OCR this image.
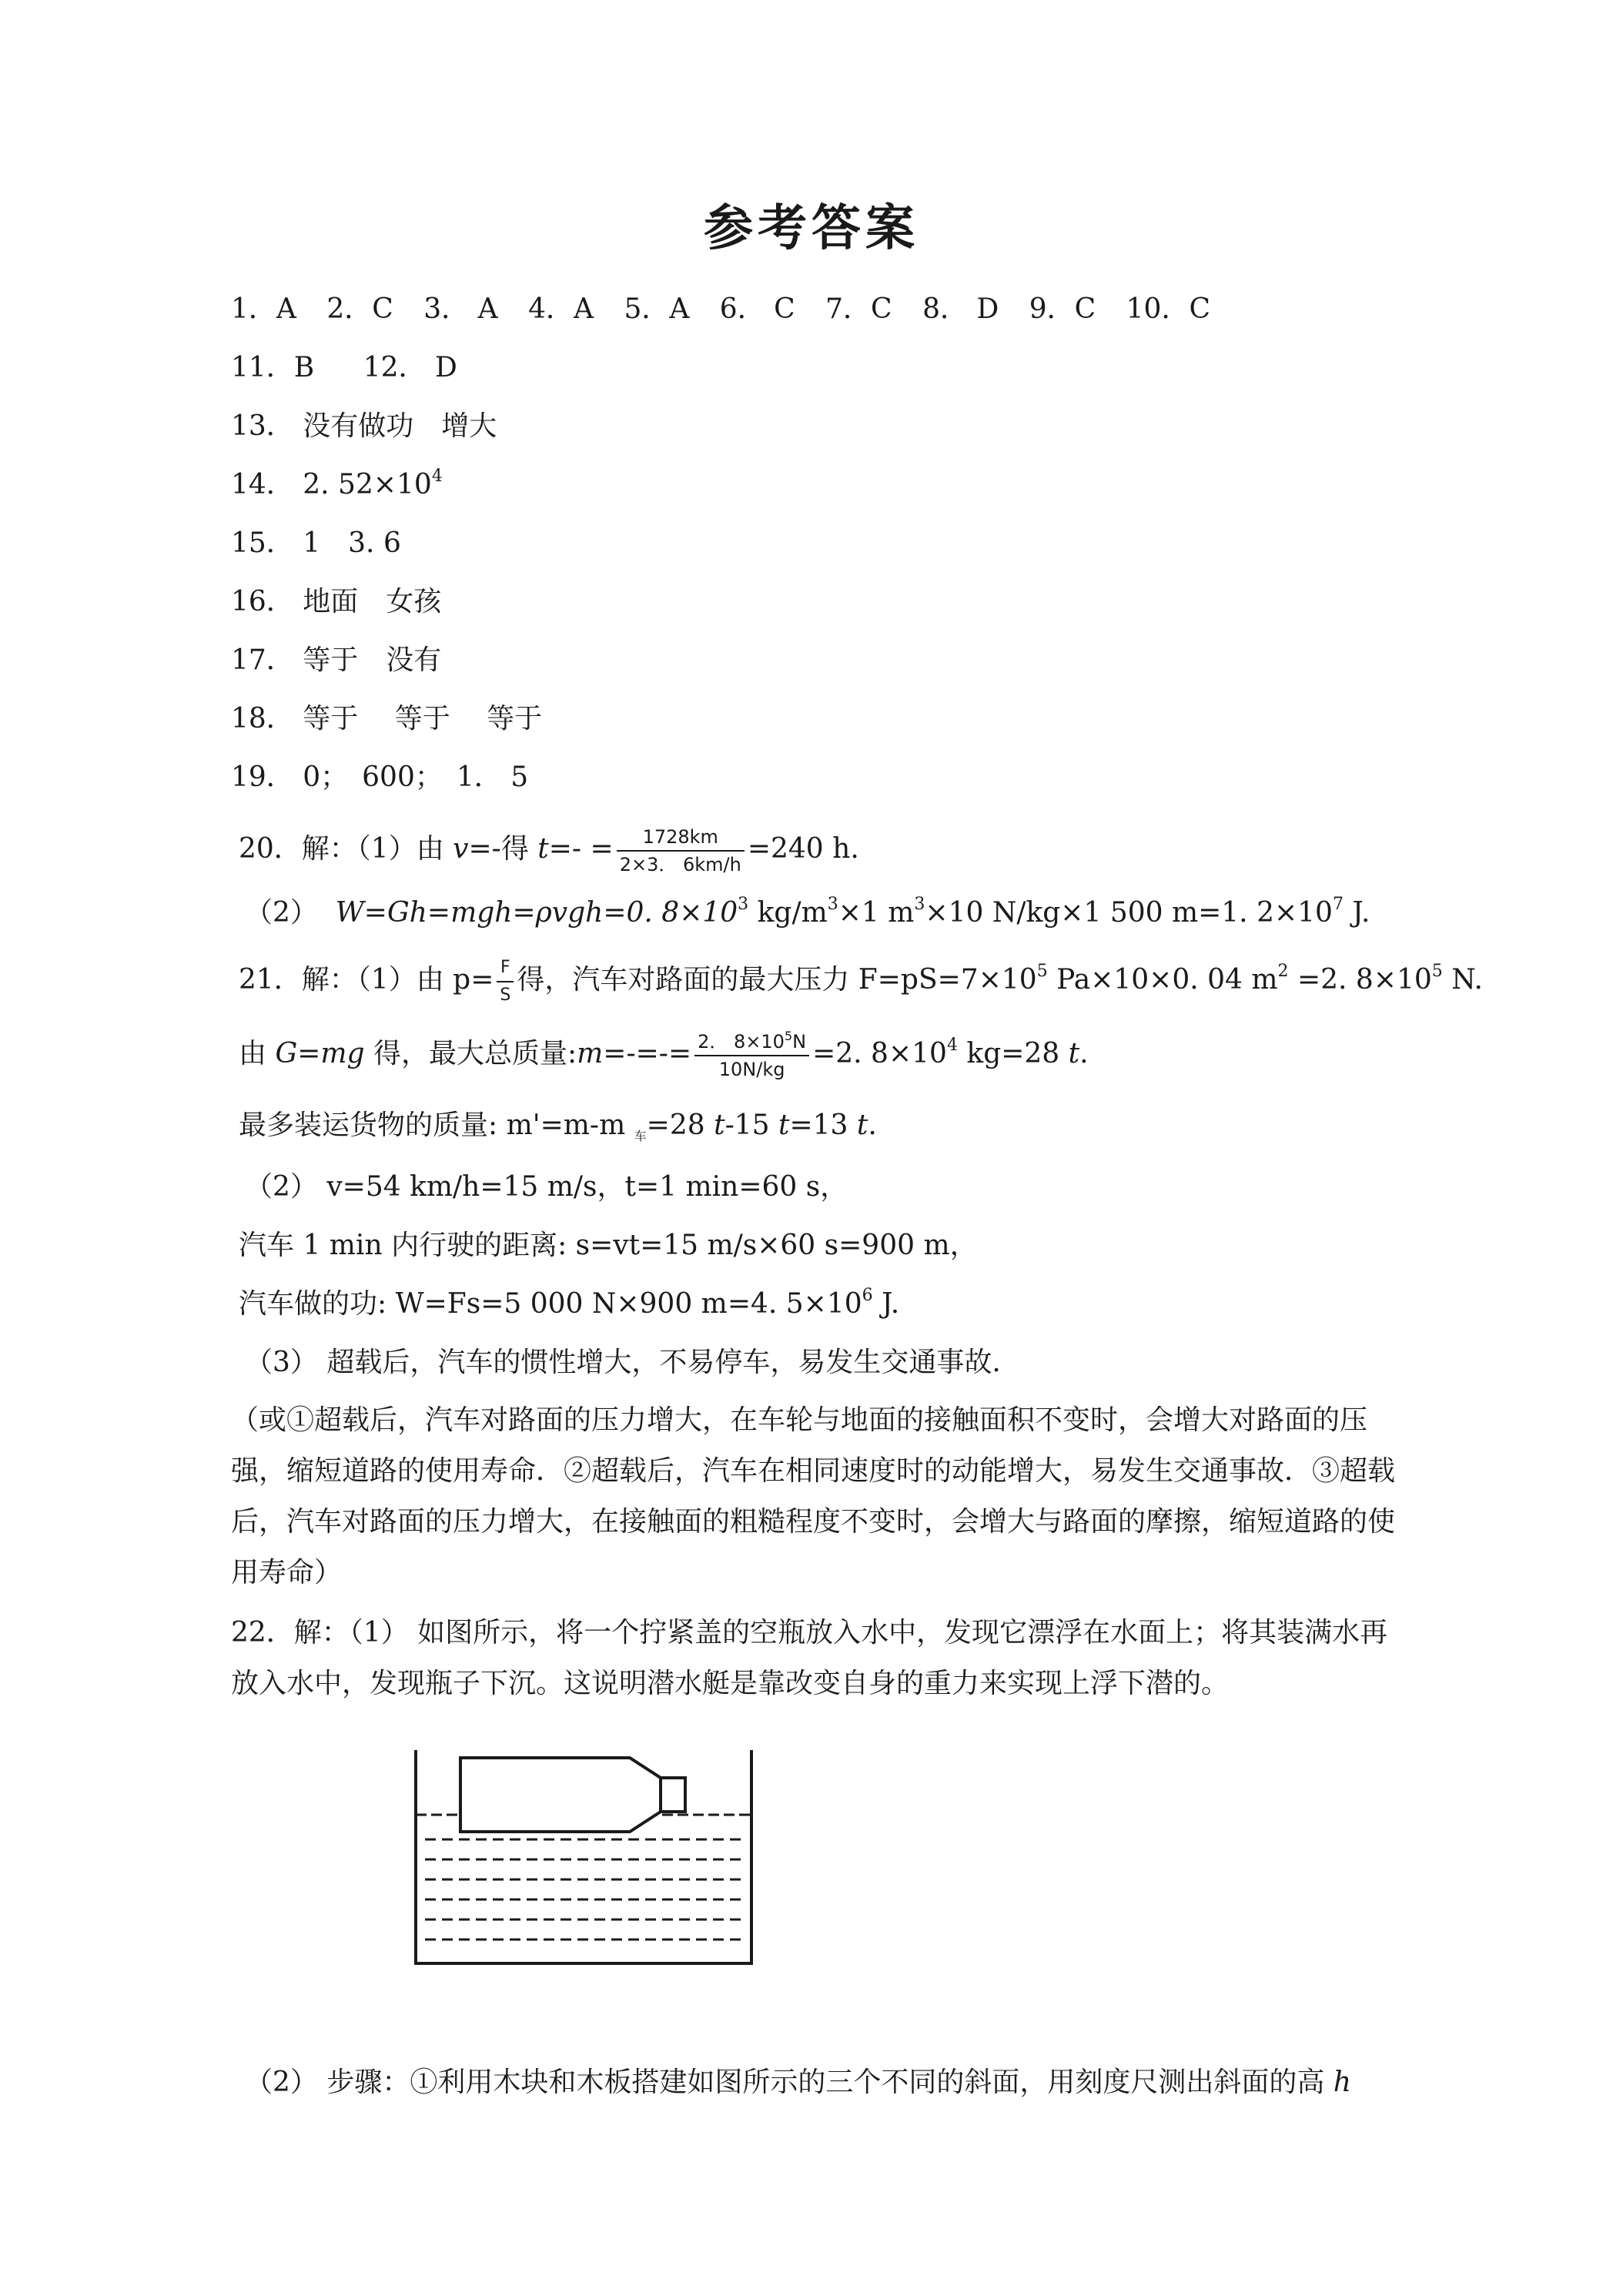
参考答案
1．A 2．C 3． A 4．A 5．A 6． C 7．C 8． D 9．C 10．C
11．B 12． D
13． 没有做功　增大
14． 2. $52\times 10^4$
15． 1　3. 6
16． 地面　女孩
17． 等于　没有
18． 等于　 等于　 等于
19． 0；　600；　1． 5
20．解：（1）由 v=-得 $t=- = \frac{1728km}{2\times 3. 6km/h} =240$ h.
（2） W=Gh=mgh=ρvgh=0. $8\times 10^3$ $kg/m^3\times 1$ $m^3\times 10$ N/kg×1 500 m=1. $2\times 10^7$ J.
21．解：（1）由 $p= \frac{F}{S}$ 得，汽车对路面的最大压力 $F=pS=7\times 10^5$ Pa×10×0. 04 $m^2 =2$. $8\times 10^5$ N.
由 G=mg 得，最大总质量:m=-=-= $\frac{2. 8\times 10^5N}{10N/kg} =2$. $8\times 10^4$ kg=28 t.
最多装运货物的质量: m'=m-m $_车$=28 t-15 t=13 t.
（2） v=54 km/h=15 m/s，t=1 min=60 s，
汽车 1 min 内行驶的距离: s=vt=15 m/s×60 s=900 m，
汽车做的功: W=Fs=5 000 N×900 m=4. $5\times 10^6$ J.
（3） 超载后，汽车的惯性增大，不易停车，易发生交通事故.
（或①超载后，汽车对路面的压力增大，在车轮与地面的接触面积不变时，会增大对路面的压强，缩短道路的使用寿命．②超载后，汽车在相同速度时的动能增大，易发生交通事故．③超载后，汽车对路面的压力增大，在接触面的粗糙程度不变时，会增大与路面的摩擦，缩短道路的使用寿命）
22．解：（1） 如图所示，将一个拧紧盖的空瓶放入水中，发现它漂浮在水面上；将其装满水再放入水中，发现瓶子下沉。这说明潜水艇是靠改变自身的重力来实现上浮下潜的。
（2） 步骤：①利用木块和木板搭建如图所示的三个不同的斜面，用刻度尺测出斜面的高 h
